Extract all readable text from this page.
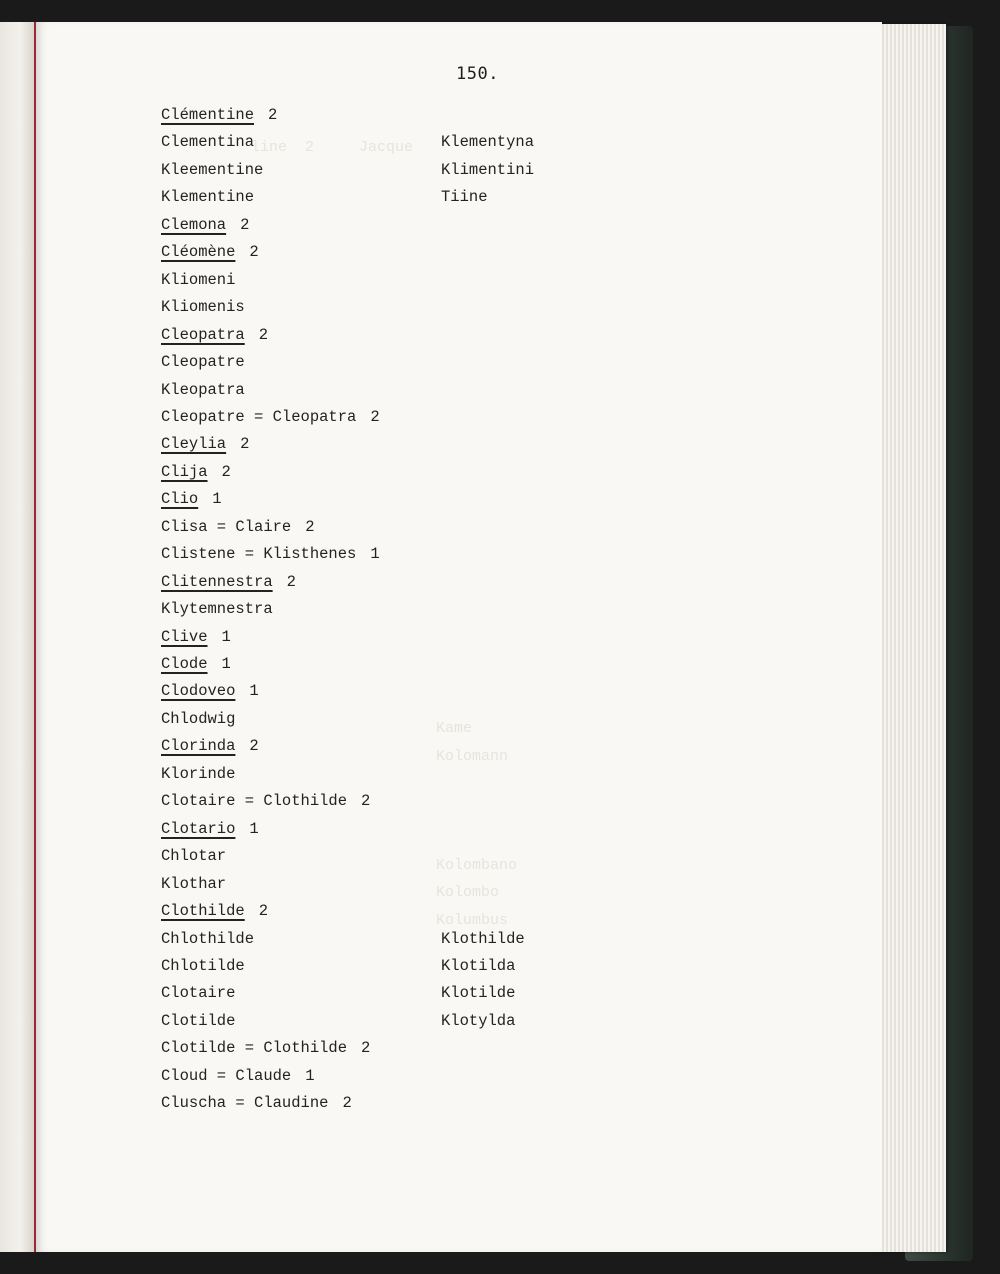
150.
line  2     Jacque
Kame
Kolomann
Kolombano
Kolombo
Kolumbus
Clémentine 2
Clementina
Kleementine
Klementine
Clemona 2
Cléomène 2
Kliomeni
Kliomenis
Cleopatra 2
Cleopatre
Kleopatra
Cleopatre = Cleopatra 2
Cleylia 2
Clija 2
Clio 1
Clisa = Claire 2
Clistene = Klisthenes 1
Clitennestra 2
Klytemnestra
Clive 1
Clode 1
Clodoveo 1
Chlodwig
Clorinda 2
Klorinde
Clotaire = Clothilde 2
Clotario 1
Chlotar
Klothar
Clothilde 2
Chlothilde
Chlotilde
Clotaire
Clotilde
Clotilde = Clothilde 2
Cloud = Claude 1
Cluscha = Claudine 2
Klementyna
Klimentini
Tiine
Klothilde
Klotilda
Klotilde
Klotylda
